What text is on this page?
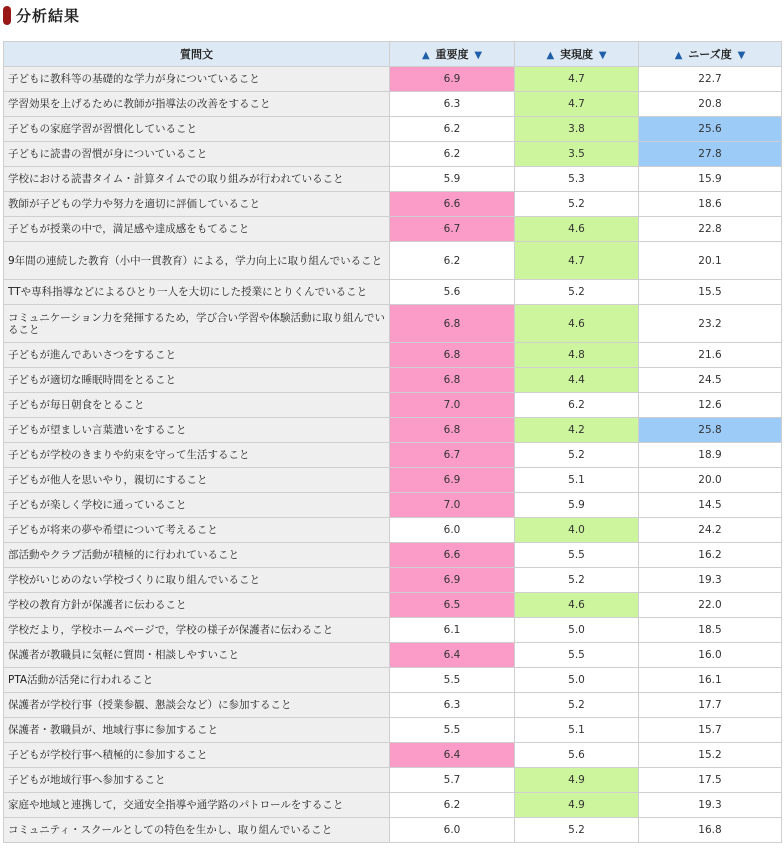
分析結果
質問文	▲ 重要度 ▼	▲ 実現度 ▼	▲ ニーズ度 ▼
子どもに教科等の基礎的な学力が身についていること	6.9	4.7	22.7
学習効果を上げるために教師が指導法の改善をすること	6.3	4.7	20.8
子どもの家庭学習が習慣化していること	6.2	3.8	25.6
子どもに読書の習慣が身についていること	6.2	3.5	27.8
学校における読書タイム・計算タイムでの取り組みが行われていること	5.9	5.3	15.9
教師が子どもの学力や努力を適切に評価していること	6.6	5.2	18.6
子どもが授業の中で，満足感や達成感をもてること	6.7	4.6	22.8
9年間の連続した教育（小中一貫教育）による，学力向上に取り組んでいること	6.2	4.7	20.1
TTや専科指導などによるひとり一人を大切にした授業にとりくんでいること	5.6	5.2	15.5
コミュニケーション力を発揮するため，学び合い学習や体験活動に取り組んでいること	6.8	4.6	23.2
子どもが進んであいさつをすること	6.8	4.8	21.6
子どもが適切な睡眠時間をとること	6.8	4.4	24.5
子どもが毎日朝食をとること	7.0	6.2	12.6
子どもが望ましい言葉遣いをすること	6.8	4.2	25.8
子どもが学校のきまりや約束を守って生活すること	6.7	5.2	18.9
子どもが他人を思いやり，親切にすること	6.9	5.1	20.0
子どもが楽しく学校に通っていること	7.0	5.9	14.5
子どもが将来の夢や希望について考えること	6.0	4.0	24.2
部活動やクラブ活動が積極的に行われていること	6.6	5.5	16.2
学校がいじめのない学校づくりに取り組んでいること	6.9	5.2	19.3
学校の教育方針が保護者に伝わること	6.5	4.6	22.0
学校だより，学校ホームページで，学校の様子が保護者に伝わること	6.1	5.0	18.5
保護者が教職員に気軽に質問・相談しやすいこと	6.4	5.5	16.0
PTA活動が活発に行われること	5.5	5.0	16.1
保護者が学校行事（授業参観、懇談会など）に参加すること	6.3	5.2	17.7
保護者・教職員が、地域行事に参加すること	5.5	5.1	15.7
子どもが学校行事へ積極的に参加すること	6.4	5.6	15.2
子どもが地域行事へ参加すること	5.7	4.9	17.5
家庭や地域と連携して，交通安全指導や通学路のパトロールをすること	6.2	4.9	19.3
コミュニティ・スクールとしての特色を生かし、取り組んでいること	6.0	5.2	16.8
